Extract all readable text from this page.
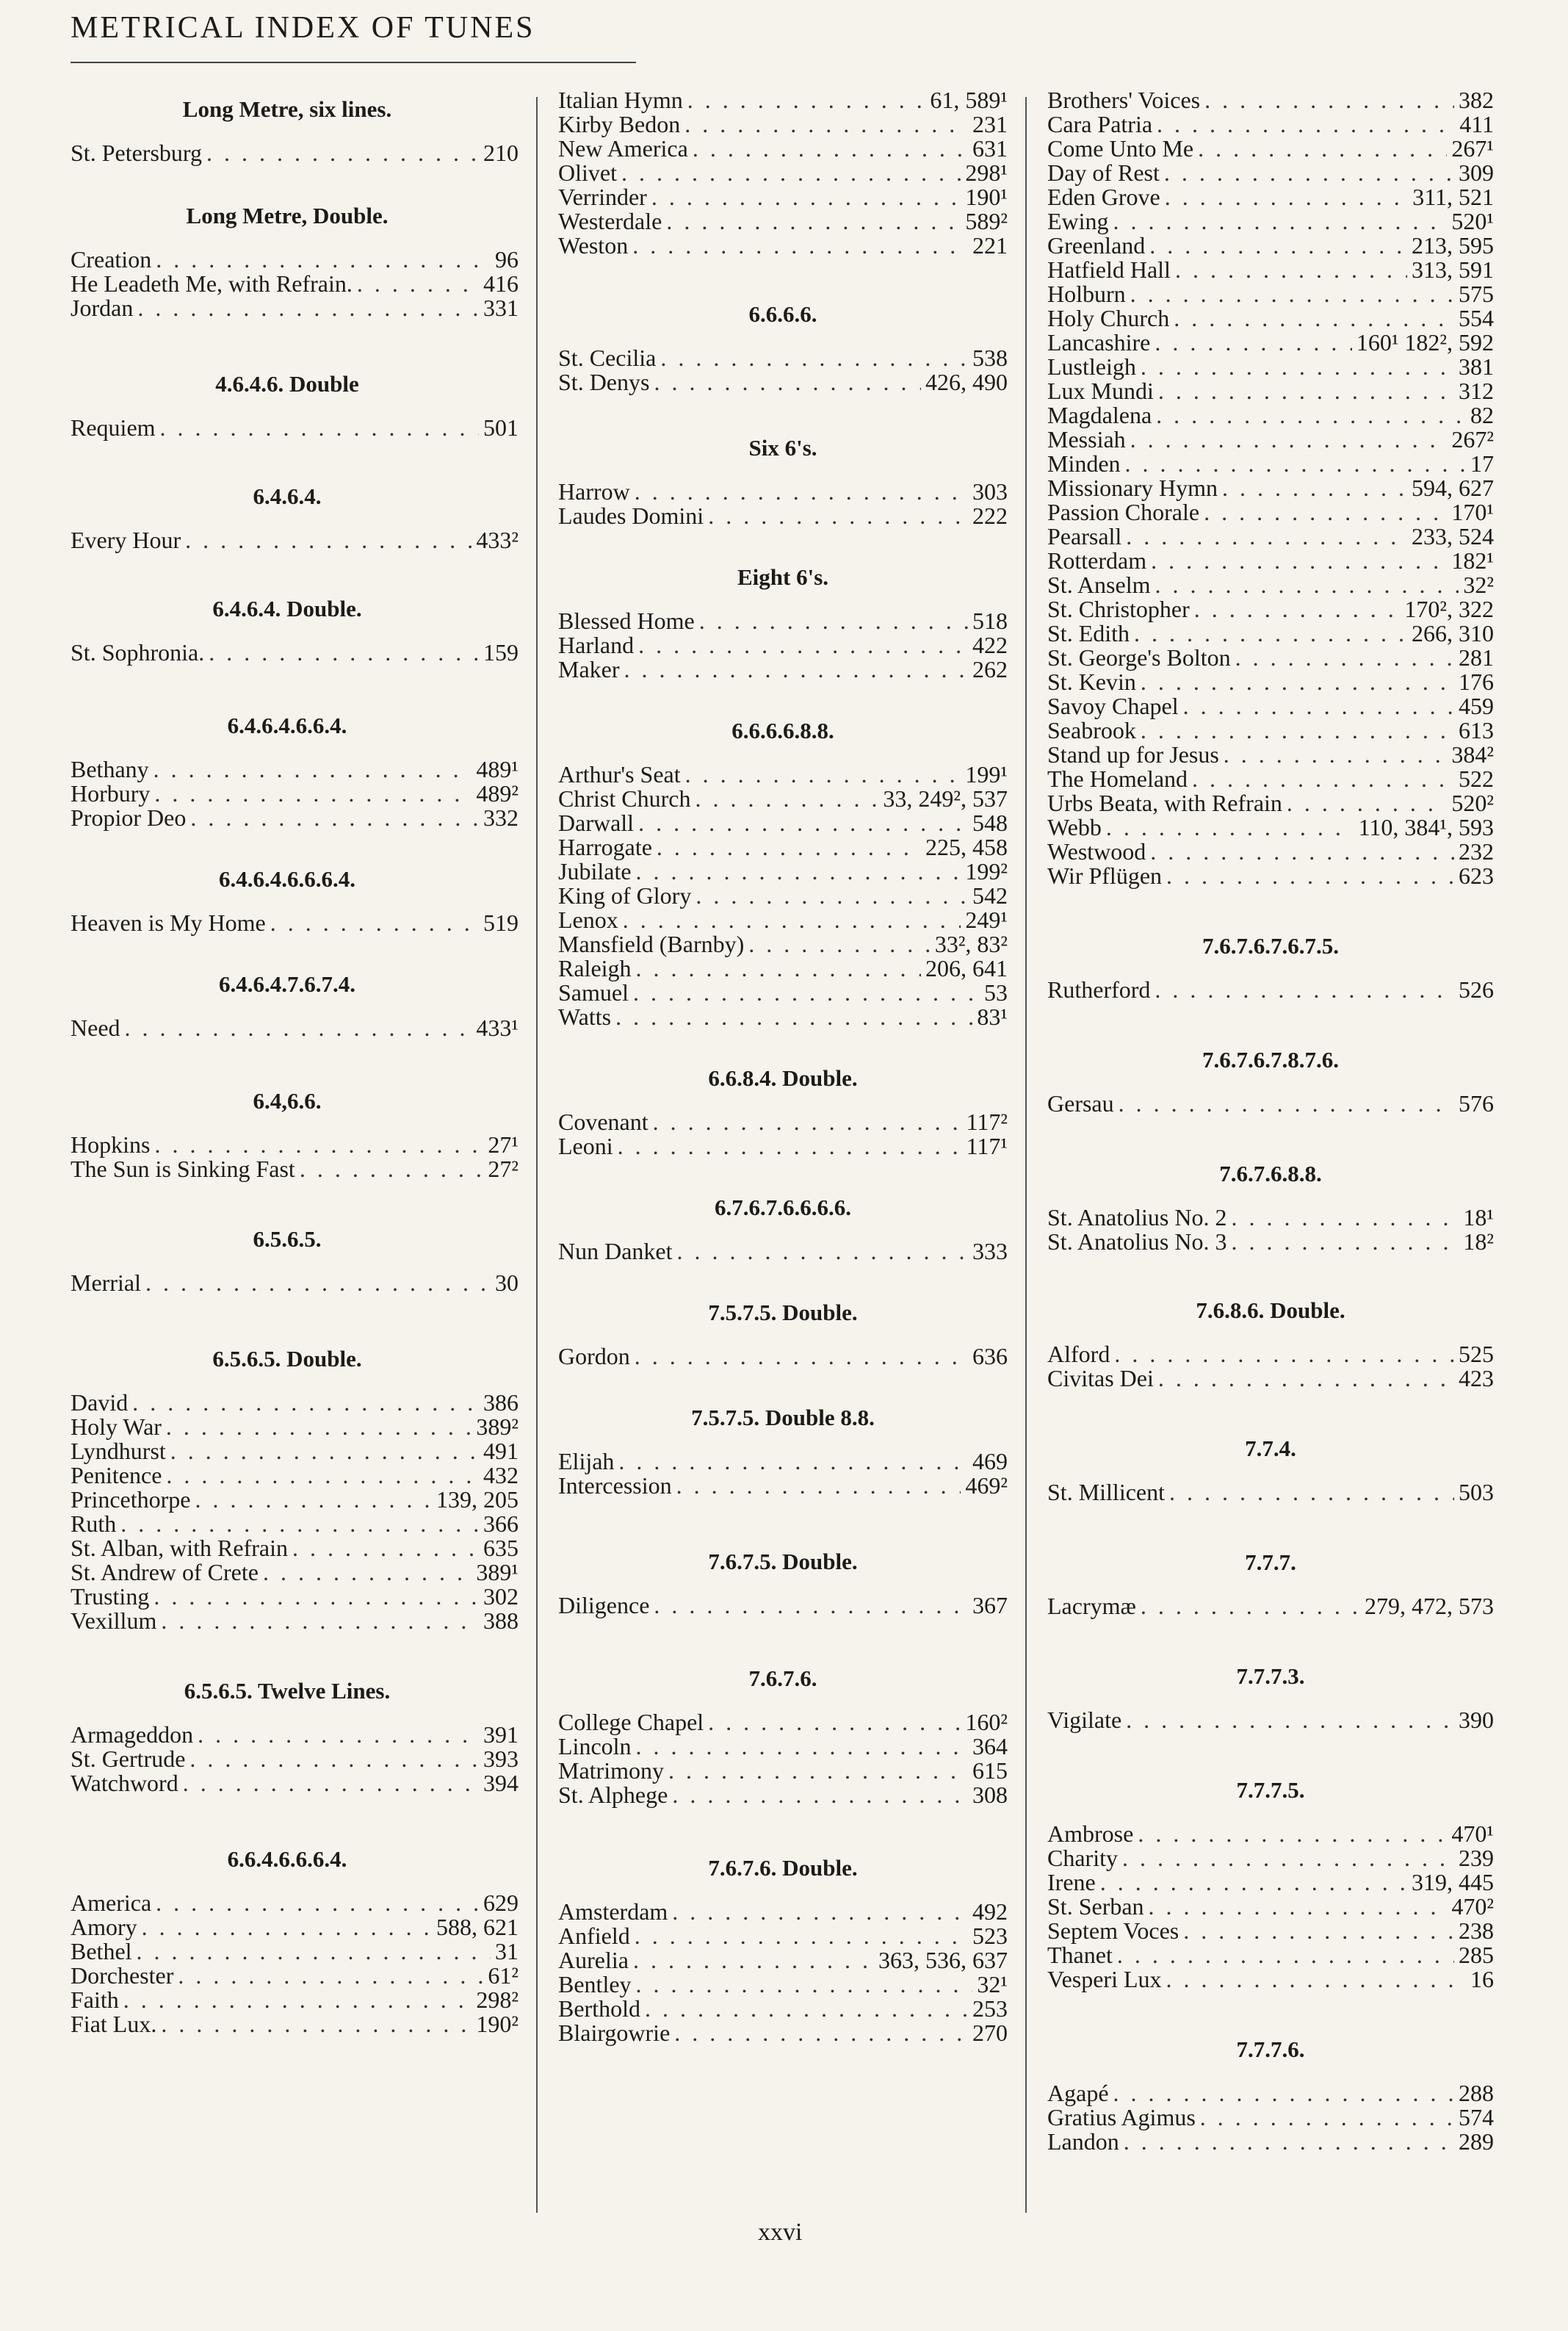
METRICAL INDEX OF TUNES
Long Metre, six lines.
St. Petersburg . . .	210
Long Metre, Double.
Creation . . .	96
He Leadeth Me, with Refrain. . . .	416
Jordan . . .	331
4.6.4.6. Double
Requiem . . .	501
6.4.6.4.
Every Hour . . .	433²
6.4.6.4. Double.
St. Sophronia. . . .	159
6.4.6.4.6.6.4.
Bethany . . .	489¹
Horbury . . .	489²
Propior Deo . . .	332
6.4.6.4.6.6.6.4.
Heaven is My Home . . .	519
6.4.6.4.7.6.7.4.
Need . . .	433¹
6.4,6.6.
Hopkins . . .	27¹
The Sun is Sinking Fast . . .	27²
6.5.6.5.
Merrial . . .	30
6.5.6.5. Double.
David . . .	386
Holy War . . .	389²
Lyndhurst . . .	491
Penitence . . .	432
Princethorpe . . .	139, 205
Ruth . . .	366
St. Alban, with Refrain . . .	635
St. Andrew of Crete . . .	389¹
Trusting . . .	302
Vexillum . . .	388
6.5.6.5. Twelve Lines.
Armageddon . . .	391
St. Gertrude . . .	393
Watchword . . .	394
6.6.4.6.6.6.4.
America . . .	629
Amory . . .	588, 621
Bethel . . .	31
Dorchester . . .	61²
Faith . . .	298²
Fiat Lux. . . .	190²
Italian Hymn . . .	61, 589¹
Kirby Bedon . . .	231
New America . . .	631
Olivet . . .	298¹
Verrinder . . .	190¹
Westerdale . . .	589²
Weston . . .	221
6.6.6.6.
St. Cecilia . . .	538
St. Denys . . .	426, 490
Six 6's.
Harrow . . .	303
Laudes Domini . . .	222
Eight 6's.
Blessed Home . . .	518
Harland . . .	422
Maker . . .	262
6.6.6.6.8.8.
Arthur's Seat . . .	199¹
Christ Church . . .	33, 249², 537
Darwall . . .	548
Harrogate . . .	225, 458
Jubilate . . .	199²
King of Glory . . .	542
Lenox . . .	249¹
Mansfield (Barnby) . . .	33², 83²
Raleigh . . .	206, 641
Samuel . . .	53
Watts . . .	83¹
6.6.8.4. Double.
Covenant . . .	117²
Leoni . . .	117¹
6.7.6.7.6.6.6.6.
Nun Danket . . .	333
7.5.7.5. Double.
Gordon . . .	636
7.5.7.5. Double 8.8.
Elijah . . .	469
Intercession . . .	469²
7.6.7.5. Double.
Diligence . . .	367
7.6.7.6.
College Chapel . . .	160²
Lincoln . . .	364
Matrimony . . .	615
St. Alphege . . .	308
7.6.7.6. Double.
Amsterdam . . .	492
Anfield . . .	523
Aurelia . . .	363, 536, 637
Bentley . . .	32¹
Berthold . . .	253
Blairgowrie . . .	270
Brothers' Voices . . .	382
Cara Patria . . .	411
Come Unto Me . . .	267¹
Day of Rest . . .	309
Eden Grove . . .	311, 521
Ewing . . .	520¹
Greenland . . .	213, 595
Hatfield Hall . . .	313, 591
Holburn . . .	575
Holy Church . . .	554
Lancashire . . .	160¹ 182², 592
Lustleigh . . .	381
Lux Mundi . . .	312
Magdalena . . .	82
Messiah . . .	267²
Minden . . .	17
Missionary Hymn . . .	594, 627
Passion Chorale . . .	170¹
Pearsall . . .	233, 524
Rotterdam . . .	182¹
St. Anselm . . .	32²
St. Christopher . . .	170², 322
St. Edith . . .	266, 310
St. George's Bolton . . .	281
St. Kevin . . .	176
Savoy Chapel . . .	459
Seabrook . . .	613
Stand up for Jesus . . .	384²
The Homeland . . .	522
Urbs Beata, with Refrain . . .	520²
Webb . . .	110, 384¹, 593
Westwood . . .	232
Wir Pflügen . . .	623
7.6.7.6.7.6.7.5.
Rutherford . . .	526
7.6.7.6.7.8.7.6.
Gersau . . .	576
7.6.7.6.8.8.
St. Anatolius No. 2 . . .	18¹
St. Anatolius No. 3 . . .	18²
7.6.8.6. Double.
Alford . . .	525
Civitas Dei . . .	423
7.7.4.
St. Millicent . . .	503
7.7.7.
Lacrymæ . . .	279, 472, 573
7.7.7.3.
Vigilate . . .	390
7.7.7.5.
Ambrose . . .	470¹
Charity . . .	239
Irene . . .	319, 445
St. Serban . . .	470²
Septem Voces . . .	238
Thanet . . .	285
Vesperi Lux . . .	16
7.7.7.6.
Agapé . . .	288
Gratius Agimus . . .	574
Landon . . .	289
xxvi
